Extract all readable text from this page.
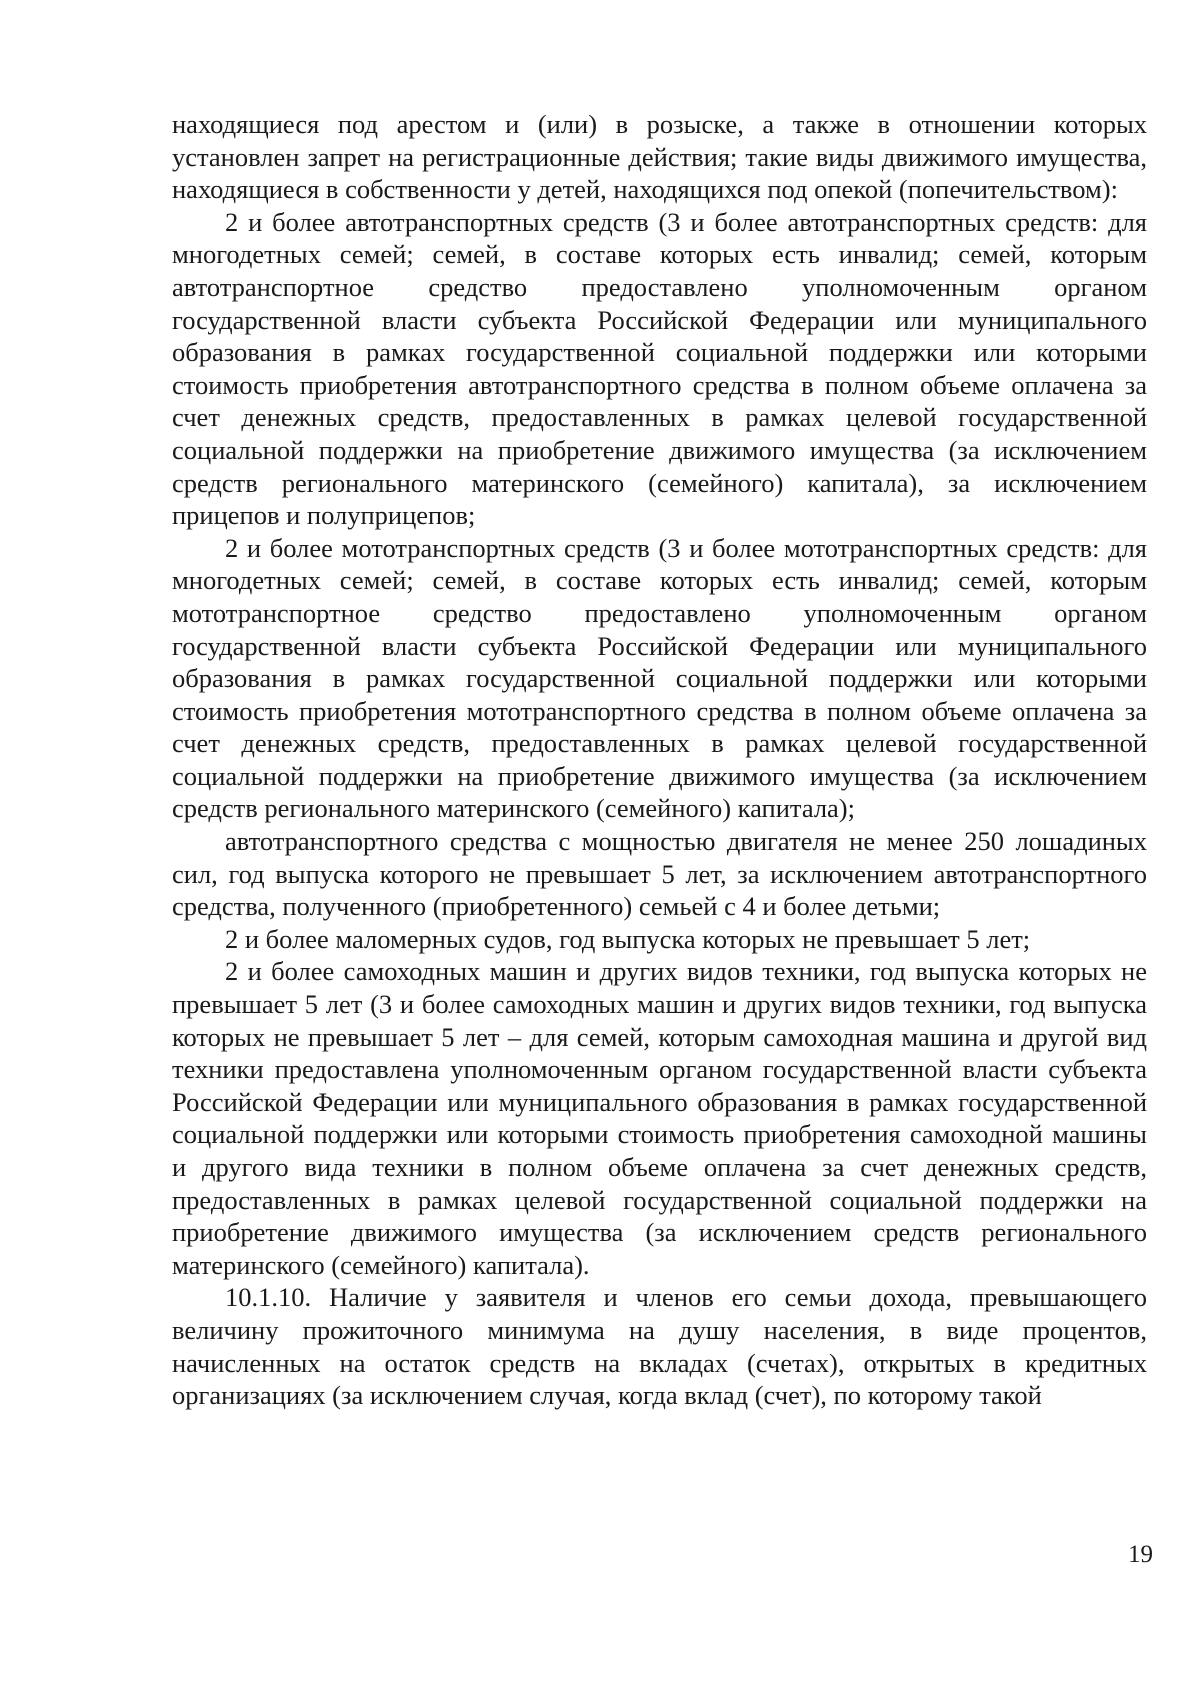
находящиеся под арестом и (или) в розыске, а также в отношении которых установлен запрет на регистрационные действия; такие виды движимого имущества, находящиеся в собственности у детей, находящихся под опекой (попечительством):

2 и более автотранспортных средств (3 и более автотранспортных средств: для многодетных семей; семей, в составе которых есть инвалид; семей, которым автотранспортное средство предоставлено уполномоченным органом государственной власти субъекта Российской Федерации или муниципального образования в рамках государственной социальной поддержки или которыми стоимость приобретения автотранспортного средства в полном объеме оплачена за счет денежных средств, предоставленных в рамках целевой государственной социальной поддержки на приобретение движимого имущества (за исключением средств регионального материнского (семейного) капитала), за исключением прицепов и полуприцепов;

2 и более мототранспортных средств (3 и более мототранспортных средств: для многодетных семей; семей, в составе которых есть инвалид; семей, которым мототранспортное средство предоставлено уполномоченным органом государственной власти субъекта Российской Федерации или муниципального образования в рамках государственной социальной поддержки или которыми стоимость приобретения мототранспортного средства в полном объеме оплачена за счет денежных средств, предоставленных в рамках целевой государственной социальной поддержки на приобретение движимого имущества (за исключением средств регионального материнского (семейного) капитала);

автотранспортного средства с мощностью двигателя не менее 250 лошадиных сил, год выпуска которого не превышает 5 лет, за исключением автотранспортного средства, полученного (приобретенного) семьей с 4 и более детьми;

2 и более маломерных судов, год выпуска которых не превышает 5 лет;

2 и более самоходных машин и других видов техники, год выпуска которых не превышает 5 лет (3 и более самоходных машин и других видов техники, год выпуска которых не превышает 5 лет – для семей, которым самоходная машина и другой вид техники предоставлена уполномоченным органом государственной власти субъекта Российской Федерации или муниципального образования в рамках государственной социальной поддержки или которыми стоимость приобретения самоходной машины и другого вида техники в полном объеме оплачена за счет денежных средств, предоставленных в рамках целевой государственной социальной поддержки на приобретение движимого имущества (за исключением средств регионального материнского (семейного) капитала).

10.1.10. Наличие у заявителя и членов его семьи дохода, превышающего величину прожиточного минимума на душу населения, в виде процентов, начисленных на остаток средств на вкладах (счетах), открытых в кредитных организациях (за исключением случая, когда вклад (счет), по которому такой

19
